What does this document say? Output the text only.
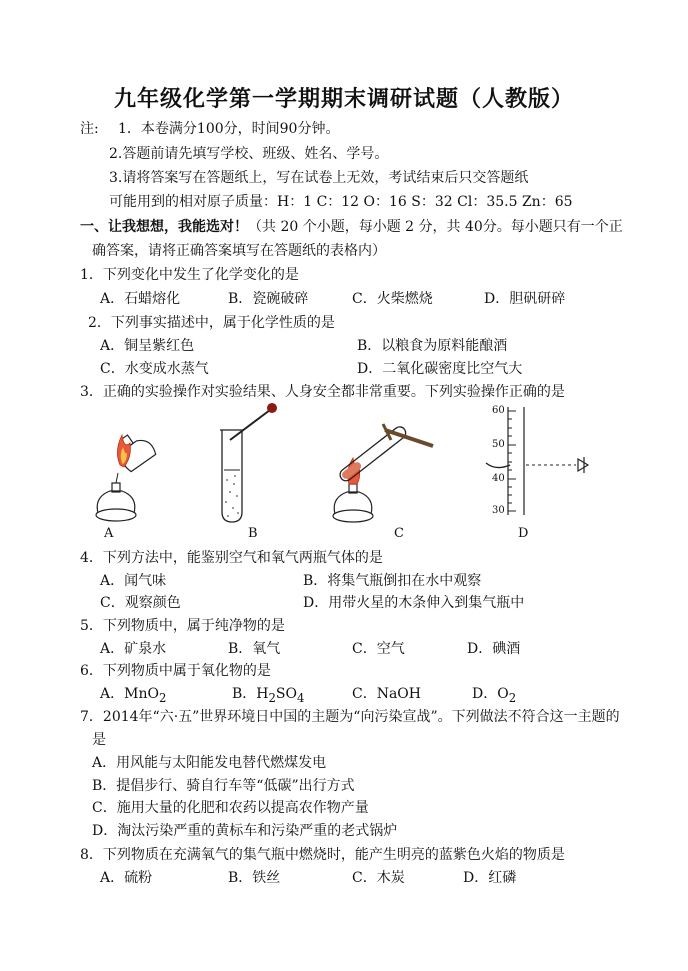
九年级化学第一学期期末调研试题（人教版）
注: 1．本卷满分100分，时间90分钟。
2.答题前请先填写学校、班级、姓名、学号。
3.请将答案写在答题纸上，写在试卷上无效，考试结束后只交答题纸
可能用到的相对原子质量：H：1 C：12 O：16 S：32 Cl：35.5 Zn：65
一、让我想想，我能选对！（共 20 个小题，每小题 2 分，共 40分。每小题只有一个正
确答案，请将正确答案填写在答题纸的表格内）
1．下列变化中发生了化学变化的是
A．石蜡熔化	B．瓷碗破碎	C．火柴燃烧	D．胆矾研碎
2．下列事实描述中，属于化学性质的是
A．铜呈紫红色	B．以粮食为原料能酿酒
C．水变成水蒸气	D．二氧化碳密度比空气大
3．正确的实验操作对实验结果、人身安全都非常重要。下列实验操作正确的是
60
50
40
30
A	B	C	D
4．下列方法中，能鉴别空气和氧气两瓶气体的是
A．闻气味	B．将集气瓶倒扣在水中观察
C．观察颜色	D．用带火星的木条伸入到集气瓶中
5．下列物质中，属于纯净物的是
A．矿泉水	B．氧气	C．空气	D．碘酒
6．下列物质中属于氧化物的是
A．MnO$_2$	B．$H_2SO_4$	C．NaOH	D．$O_2$
7．2014年“六·五”世界环境日中国的主题为“向污染宣战”。下列做法不符合这一主题的
是
A．用风能与太阳能发电替代燃煤发电
B．提倡步行、骑自行车等“低碳”出行方式
C．施用大量的化肥和农药以提高农作物产量
D．淘汰污染严重的黄标车和污染严重的老式锅炉
8．下列物质在充满氧气的集气瓶中燃烧时，能产生明亮的蓝紫色火焰的物质是
A．硫粉	B．铁丝	C．木炭	D．红磷
